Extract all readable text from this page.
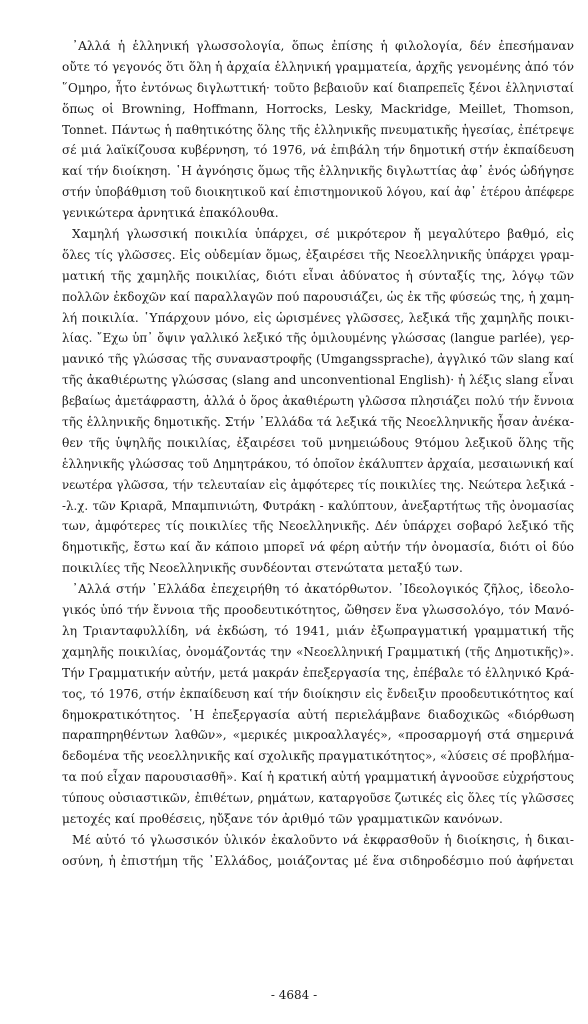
᾽Αλλά ἡ ἑλληνική γλωσσολογία, ὅπως ἐπίσης ἡ φιλολογία, δέν ἐπεσήμαναν
οὔτε τό γεγονός ὅτι ὅλη ἡ ἀρχαία ἑλληνική γραμματεία, ἀρχῆς γενομένης ἀπό τόν
῞Ομηρο, ἦτο ἐντόνως διγλωττική· τοῦτο βεβαιοῦν καί διαπρεπεῖς ξένοι ἑλληνισταί
ὅπως οἱ Browning, Hoffmann, Horrocks, Lesky, Mackridge, Meillet, Thomson,
Tonnet. Πάντως ἡ παθητικότης ὅλης τῆς ἑλληνικῆς πνευματικῆς ἡγεσίας, ἐπέτρεψε
σέ μιά λαϊκίζουσα κυβέρνηση, τό 1976, νά ἐπιβάλη τήν δημοτική στήν ἐκπαίδευση
καί τήν διοίκηση. ῾Η ἀγνόησις ὅμως τῆς ἑλληνικῆς διγλωττίας ἀφ᾽ ἑνός ὡδήγησε
στήν ὑποβάθμιση τοῦ διοικητικοῦ καί ἐπιστημονικοῦ λόγου, καί ἀφ᾽ ἑτέρου ἀπέφερε
γενικώτερα ἀρνητικά ἐπακόλουθα.
Χαμηλή γλωσσική ποικιλία ὑπάρχει, σέ μικρότερον ἤ μεγαλύτερο βαθμό, εἰς
ὅλες τίς γλῶσσες. Εἰς οὐδεμίαν ὅμως, ἐξαιρέσει τῆς Νεοελληνικῆς ὑπάρχει γραμ-
ματική τῆς χαμηλῆς ποικιλίας, διότι εἶναι ἀδύνατος ἡ σύνταξίς της, λόγῳ τῶν
πολλῶν ἐκδοχῶν καί παραλλαγῶν πού παρουσιάζει, ὡς ἐκ τῆς φύσεώς της, ἡ χαμη-
λή ποικιλία. ῾Υπάρχουν μόνο, εἰς ὡρισμένες γλῶσσες, λεξικά τῆς χαμηλῆς ποικι-
λίας. ῎Εχω ὑπ᾽ ὄψιν γαλλικό λεξικό τῆς ὁμιλουμένης γλώσσας (langue parlée), γερ-
μανικό τῆς γλώσσας τῆς συναναστροφῆς (Umgangssprache), ἀγγλικό τῶν slang καί
τῆς ἀκαθιέρωτης γλώσσας (slang and unconventional English)· ἡ λέξις slang εἶναι
βεβαίως ἀμετάφραστη, ἀλλά ὁ ὅρος ἀκαθιέρωτη γλῶσσα πλησιάζει πολύ τήν ἔννοια
τῆς ἑλληνικῆς δημοτικῆς. Στήν ᾽Ελλάδα τά λεξικά τῆς Νεοελληνικῆς ἦσαν ἀνέκα-
θεν τῆς ὑψηλῆς ποικιλίας, ἐξαιρέσει τοῦ μνημειώδους 9τόμου λεξικοῦ ὅλης τῆς
ἑλληνικῆς γλώσσας τοῦ Δημητράκου, τό ὁποῖον ἐκάλυπτεν ἀρχαία, μεσαιωνική καί
νεωτέρα γλῶσσα, τήν τελευταίαν εἰς ἀμφότερες τίς ποικιλίες της. Νεώτερα λεξικά -
-λ.χ. τῶν Κριαρᾶ, Μπαμπινιώτη, Φυτράκη - καλύπτουν, ἀνεξαρτήτως τῆς ὀνομασίας
των, ἀμφότερες τίς ποικιλίες τῆς Νεοελληνικῆς. Δέν ὑπάρχει σοβαρό λεξικό τῆς
δημοτικῆς, ἔστω καί ἄν κάποιο μπορεῖ νά φέρη αὐτήν τήν ὀνομασία, διότι οἱ δύο
ποικιλίες τῆς Νεοελληνικῆς συνδέονται στενώτατα μεταξύ των.
᾽Αλλά στήν ᾽Ελλάδα ἐπεχειρήθη τό ἀκατόρθωτον. ᾽Ιδεολογικός ζῆλος, ἰδεολο-
γικός ὑπό τήν ἔννοια τῆς προοδευτικότητος, ὤθησεν ἕνα γλωσσολόγο, τόν Μανό-
λη Τριανταφυλλίδη, νά ἐκδώση, τό 1941, μιάν ἐξωπραγματική γραμματική τῆς
χαμηλῆς ποικιλίας, ὀνομάζοντάς την «Νεοελληνική Γραμματική (τῆς Δημοτικῆς)».
Τήν Γραμματικήν αὐτήν, μετά μακράν ἐπεξεργασία της, ἐπέβαλε τό ἑλληνικό Κρά-
τος, τό 1976, στήν ἐκπαίδευση καί τήν διοίκησιν εἰς ἔνδειξιν προοδευτικότητος καί
δημοκρατικότητος. ῾Η ἐπεξεργασία αὐτή περιελάμβανε διαδοχικῶς «διόρθωση
παραπηρηθέντων λαθῶν», «μερικές μικροαλλαγές», «προσαρμογή στά σημερινά
δεδομένα τῆς νεοελληνικῆς καί σχολικῆς πραγματικότητος», «λύσεις σέ προβλήμα-
τα πού εἶχαν παρουσιασθῆ». Καί ἡ κρατική αὐτή γραμματική ἀγνοοῦσε εὐχρήστους
τύπους οὐσιαστικῶν, ἐπιθέτων, ρημάτων, καταργοῦσε ζωτικές εἰς ὅλες τίς γλῶσσες
μετοχές καί προθέσεις, ηὔξανε τόν ἀριθμό τῶν γραμματικῶν κανόνων.
Μέ αὐτό τό γλωσσικόν ὑλικόν ἐκαλοῦντο νά ἐκφρασθοῦν ἡ διοίκησις, ἡ δικαι-
οσύνη, ἡ ἐπιστήμη τῆς ᾽Ελλάδος, μοιάζοντας μέ ἕνα σιδηροδέσμιο πού ἀφήνεται
- 4684 -
